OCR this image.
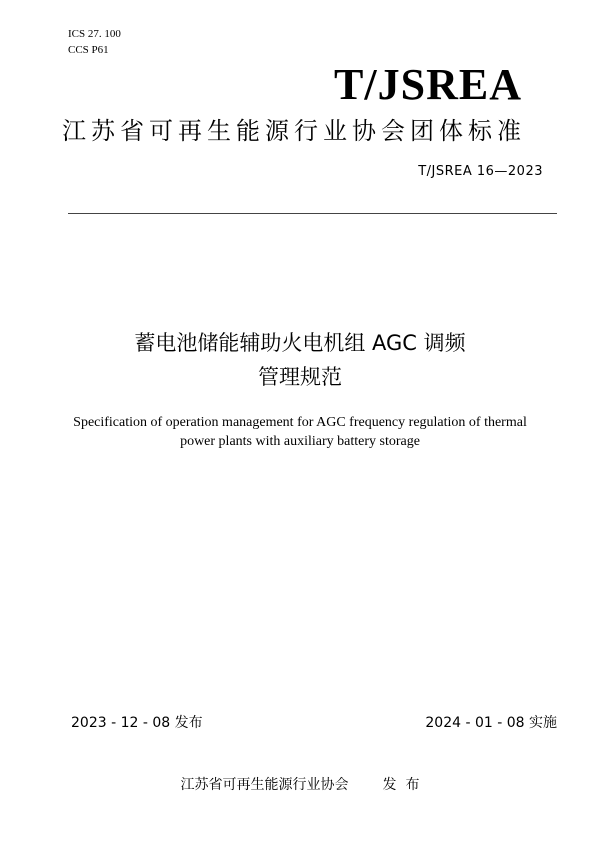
ICS 27. 100
CCS P61
T/JSREA
江苏省可再生能源行业协会团体标准
T/JSREA 16—2023
蓄电池储能辅助火电机组 AGC 调频
管理规范
Specification of operation management for AGC frequency regulation of thermal
power plants with auxiliary battery storage
2023 - 12 - 08 发布	2024 - 01 - 08 实施
江苏省可再生能源行业协会 发  布
